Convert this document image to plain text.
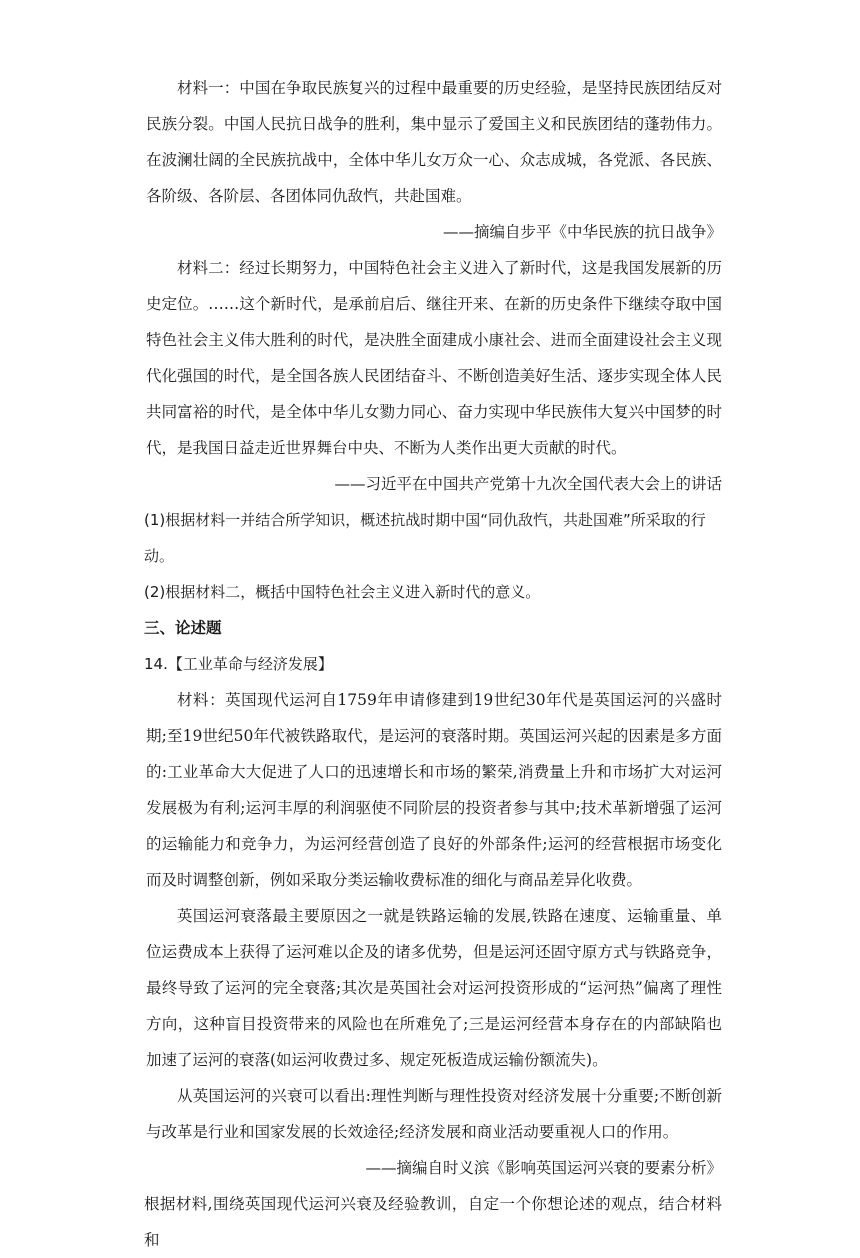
材料一：中国在争取民族复兴的过程中最重要的历史经验，是坚持民族团结反对民族分裂。中国人民抗日战争的胜利，集中显示了爱国主义和民族团结的蓬勃伟力。在波澜壮阔的全民族抗战中，全体中华儿女万众一心、众志成城，各党派、各民族、各阶级、各阶层、各团体同仇敌忾，共赴国难。

——摘编自步平《中华民族的抗日战争》

材料二：经过长期努力，中国特色社会主义进入了新时代，这是我国发展新的历史定位。……这个新时代，是承前启后、继往开来、在新的历史条件下继续夺取中国特色社会主义伟大胜利的时代，是决胜全面建成小康社会、进而全面建设社会主义现代化强国的时代，是全国各族人民团结奋斗、不断创造美好生活、逐步实现全体人民共同富裕的时代，是全体中华儿女勠力同心、奋力实现中华民族伟大复兴中国梦的时代，是我国日益走近世界舞台中央、不断为人类作出更大贡献的时代。

——习近平在中国共产党第十九次全国代表大会上的讲话

(1)根据材料一并结合所学知识，概述抗战时期中国“同仇敌忾，共赴国难”所采取的行动。

(2)根据材料二，概括中国特色社会主义进入新时代的意义。

三、论述题

14.【工业革命与经济发展】

材料：英国现代运河自1759年申请修建到19世纪30年代是英国运河的兴盛时期;至19世纪50年代被铁路取代，是运河的衰落时期。英国运河兴起的因素是多方面的:工业革命大大促进了人口的迅速增长和市场的繁荣,消费量上升和市场扩大对运河发展极为有利;运河丰厚的利润驱使不同阶层的投资者参与其中;技术革新增强了运河的运输能力和竞争力，为运河经营创造了良好的外部条件;运河的经营根据市场变化而及时调整创新，例如采取分类运输收费标准的细化与商品差异化收费。

英国运河衰落最主要原因之一就是铁路运输的发展,铁路在速度、运输重量、单位运费成本上获得了运河难以企及的诸多优势，但是运河还固守原方式与铁路竞争，最终导致了运河的完全衰落;其次是英国社会对运河投资形成的“运河热”偏离了理性方向，这种盲目投资带来的风险也在所难免了;三是运河经营本身存在的内部缺陷也加速了运河的衰落(如运河收费过多、规定死板造成运输份额流失)。

从英国运河的兴衰可以看出:理性判断与理性投资对经济发展十分重要;不断创新与改革是行业和国家发展的长效途径;经济发展和商业活动要重视人口的作用。

——摘编自时义滨《影响英国运河兴衰的要素分析》

根据材料,围绕英国现代运河兴衰及经验教训，自定一个你想论述的观点，结合材料和
